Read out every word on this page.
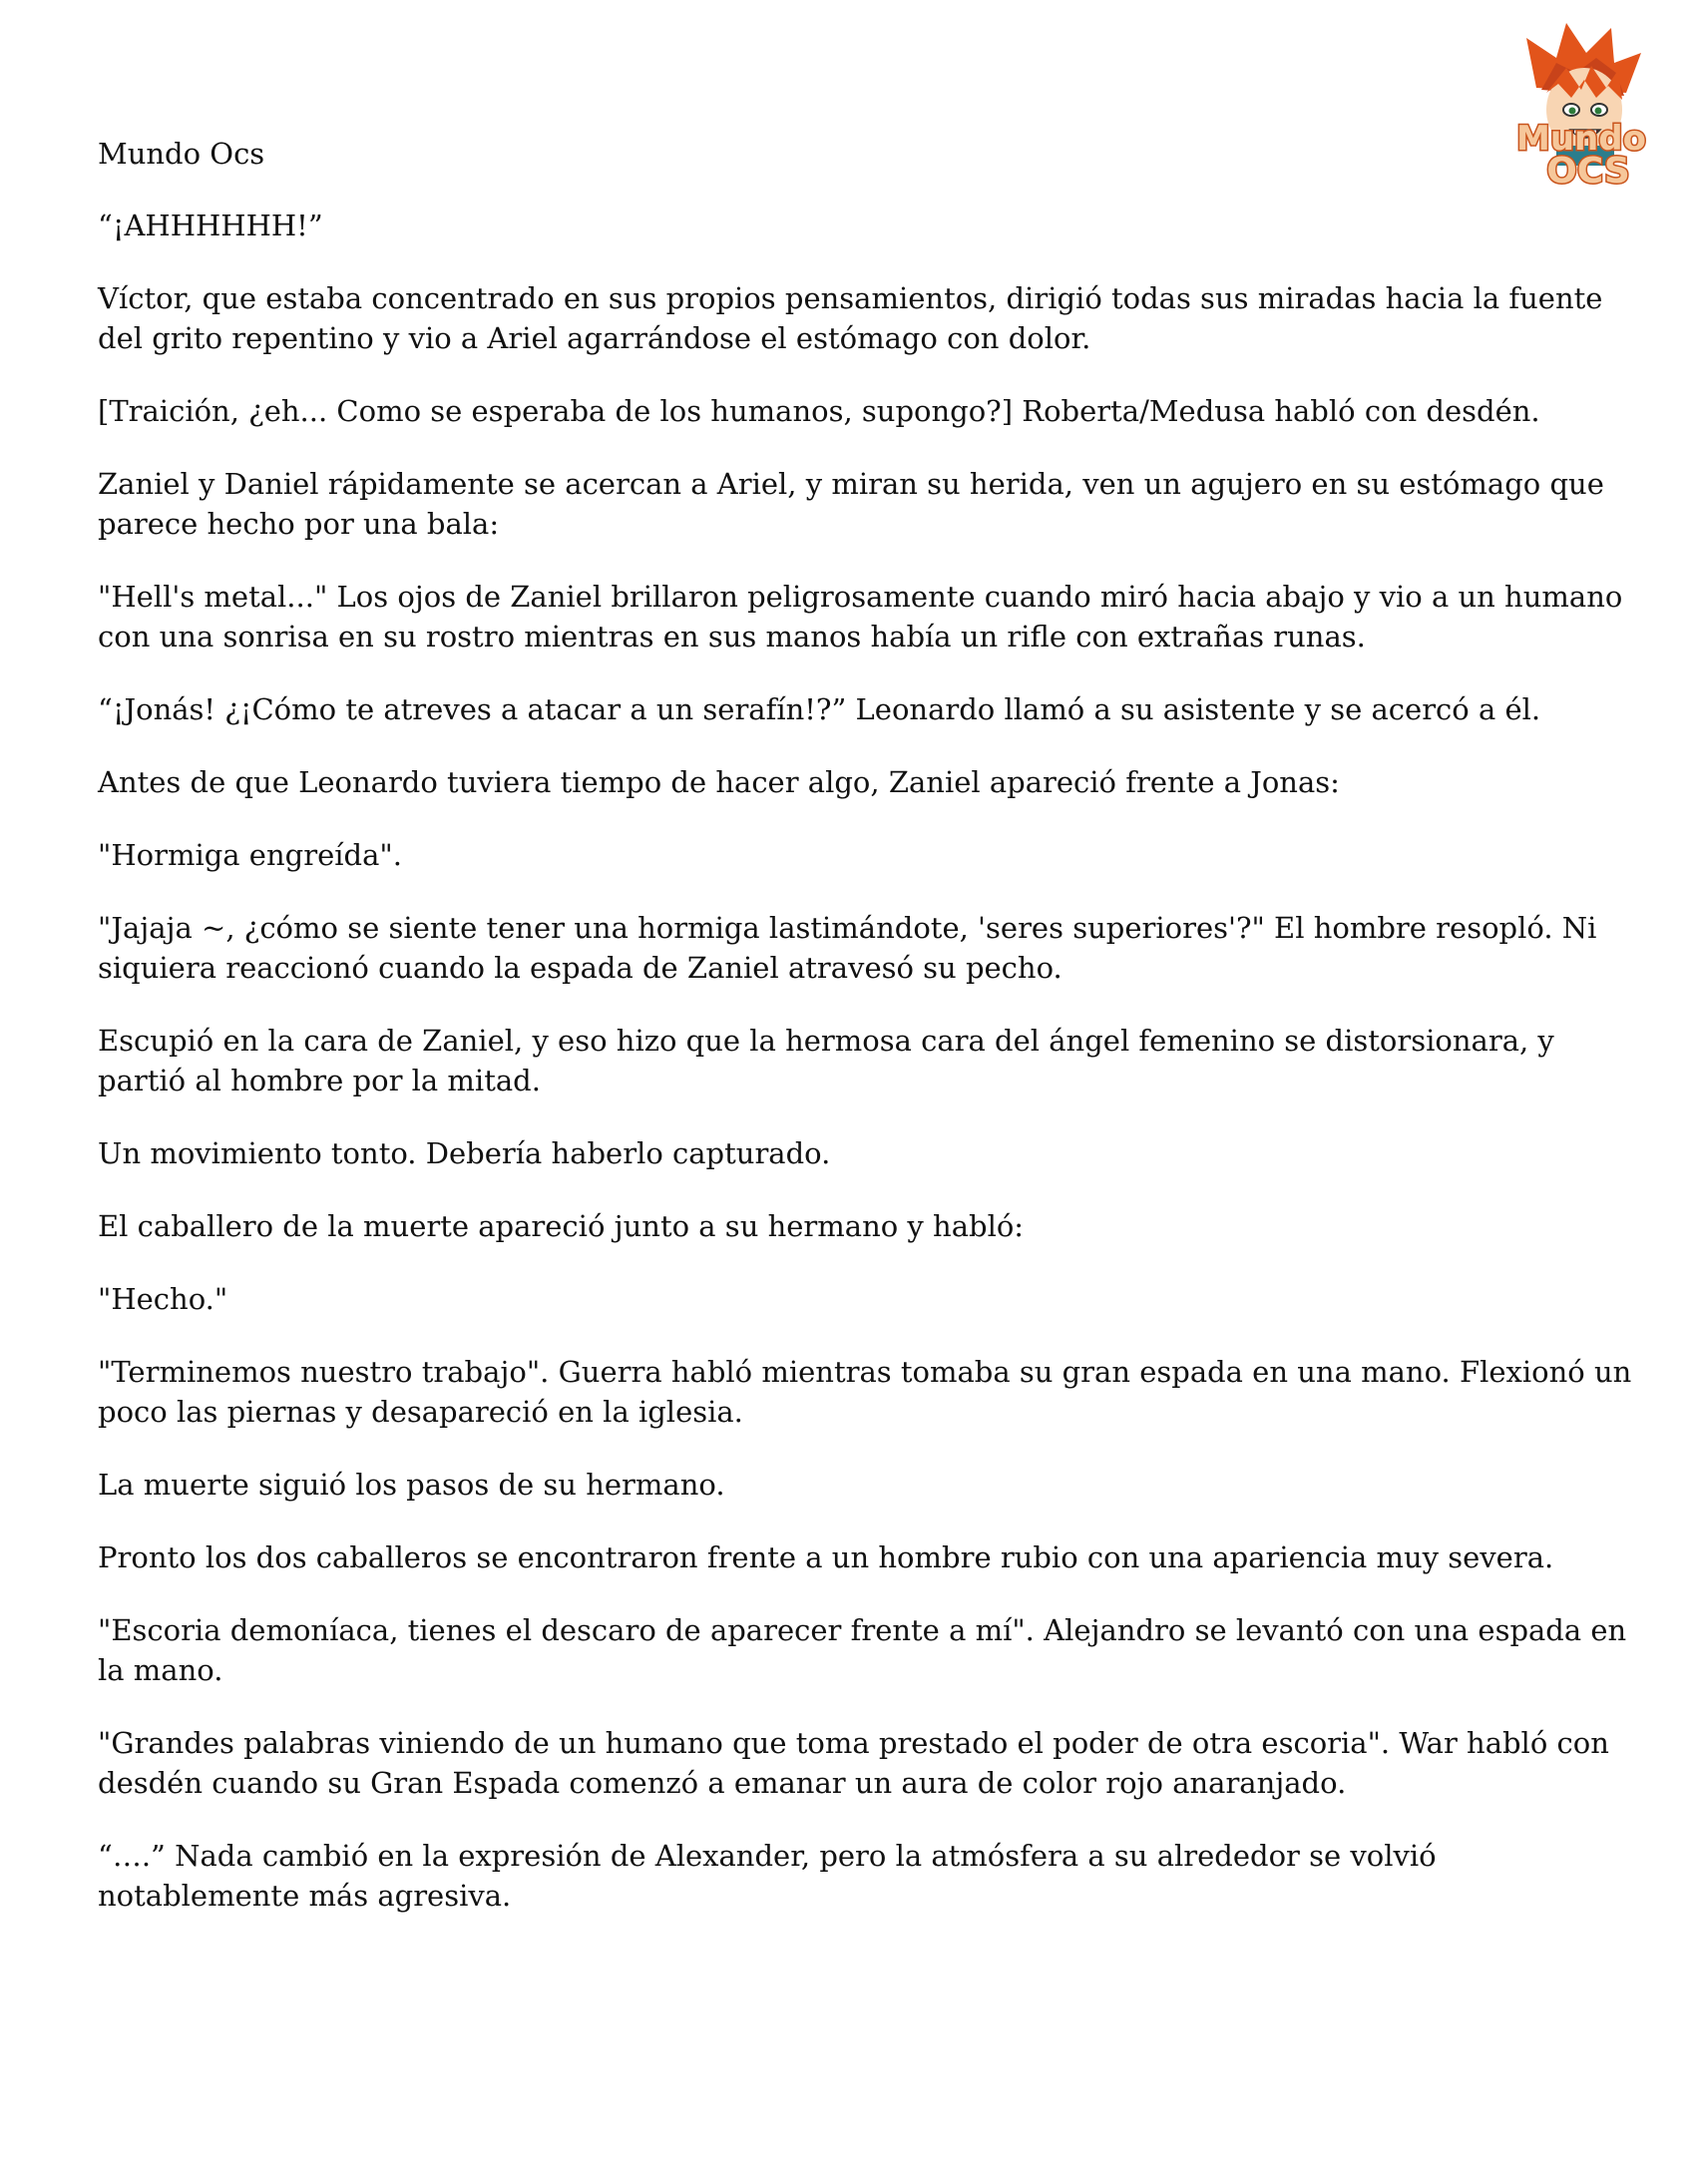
Mundo Ocs	Mundo
OCS

“¡AHHHHHH!”

Víctor, que estaba concentrado en sus propios pensamientos, dirigió todas sus miradas hacia la fuente del grito repentino y vio a Ariel agarrándose el estómago con dolor.

[Traición, ¿eh... Como se esperaba de los humanos, supongo?] Roberta/Medusa habló con desdén.

Zaniel y Daniel rápidamente se acercan a Ariel, y miran su herida, ven un agujero en su estómago que parece hecho por una bala:

"Hell's metal..." Los ojos de Zaniel brillaron peligrosamente cuando miró hacia abajo y vio a un humano con una sonrisa en su rostro mientras en sus manos había un rifle con extrañas runas.

“¡Jonás! ¿¡Cómo te atreves a atacar a un serafín!?” Leonardo llamó a su asistente y se acercó a él.

Antes de que Leonardo tuviera tiempo de hacer algo, Zaniel apareció frente a Jonas:

"Hormiga engreída".

"Jajaja ~, ¿cómo se siente tener una hormiga lastimándote, 'seres superiores'?" El hombre resopló. Ni siquiera reaccionó cuando la espada de Zaniel atravesó su pecho.

Escupió en la cara de Zaniel, y eso hizo que la hermosa cara del ángel femenino se distorsionara, y partió al hombre por la mitad.

Un movimiento tonto. Debería haberlo capturado.

El caballero de la muerte apareció junto a su hermano y habló:

"Hecho."

"Terminemos nuestro trabajo". Guerra habló mientras tomaba su gran espada en una mano. Flexionó un poco las piernas y desapareció en la iglesia.

La muerte siguió los pasos de su hermano.

Pronto los dos caballeros se encontraron frente a un hombre rubio con una apariencia muy severa.

"Escoria demoníaca, tienes el descaro de aparecer frente a mí". Alejandro se levantó con una espada en la mano.

"Grandes palabras viniendo de un humano que toma prestado el poder de otra escoria". War habló con desdén cuando su Gran Espada comenzó a emanar un aura de color rojo anaranjado.

“….” Nada cambió en la expresión de Alexander, pero la atmósfera a su alrededor se volvió notablemente más agresiva.
